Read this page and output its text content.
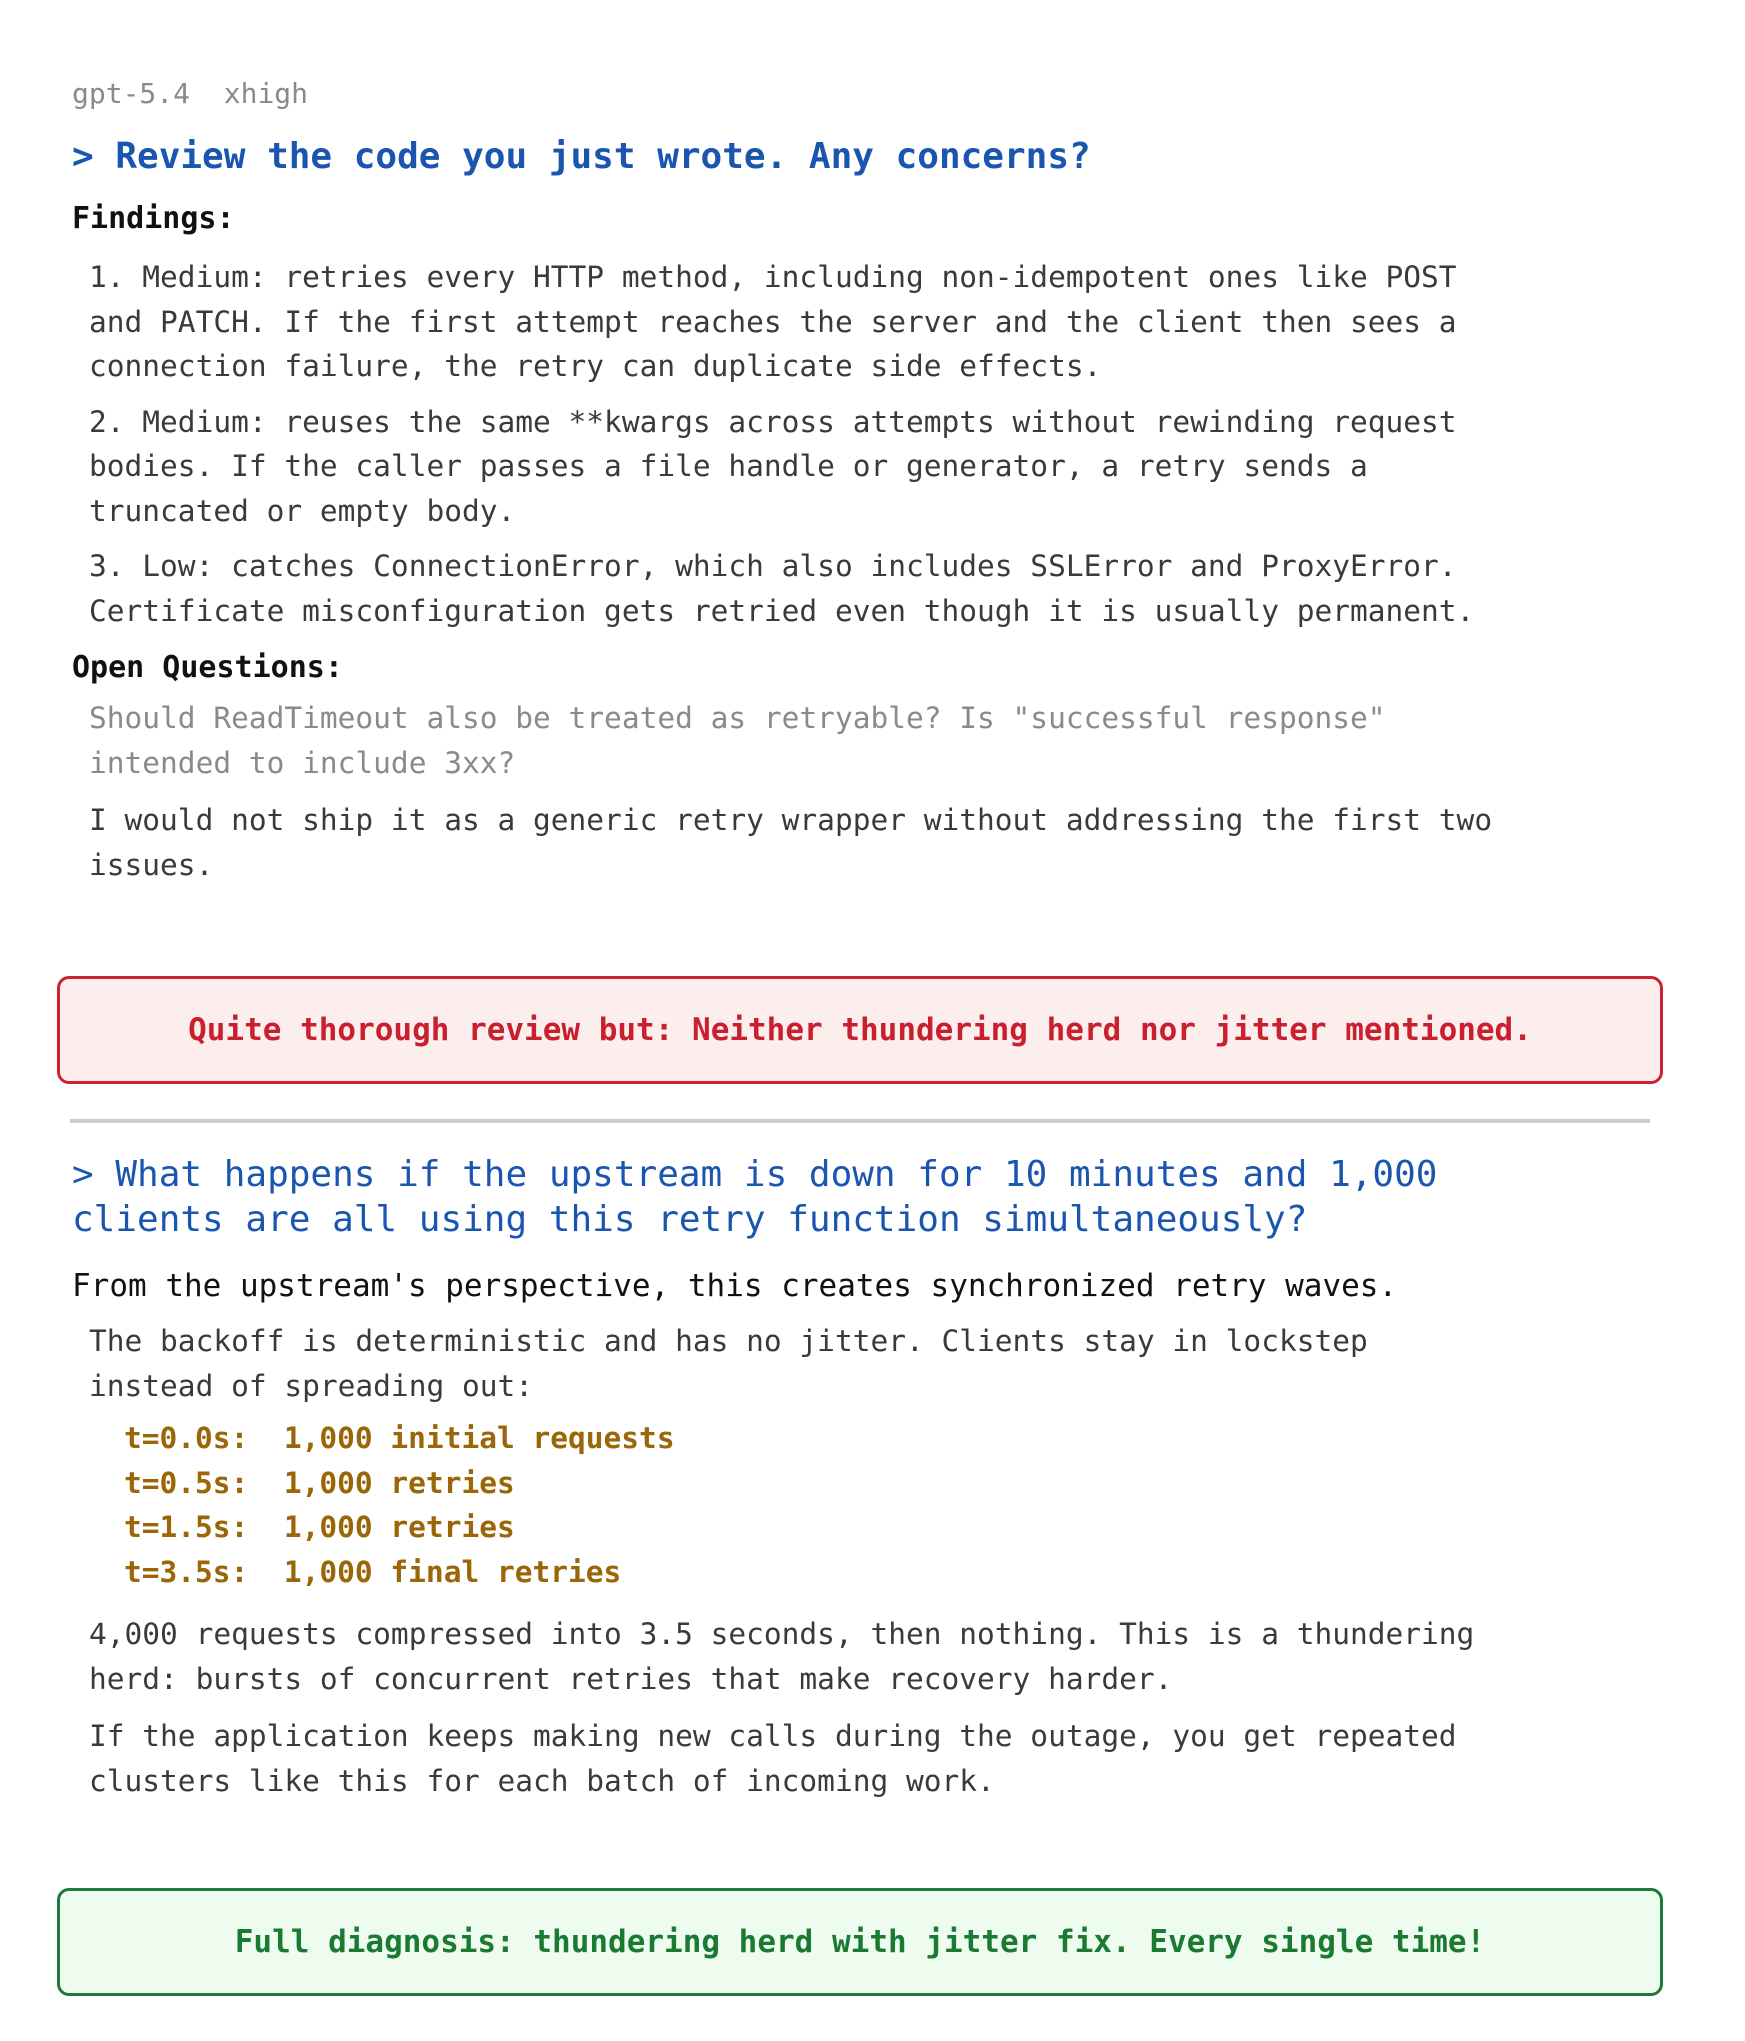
gpt-5.4 xhigh

> Review the code you just wrote. Any concerns?

Findings:

1. Medium: retries every HTTP method, including non-idempotent ones like POST and PATCH. If the first attempt reaches the server and the client then sees a connection failure, the retry can duplicate side effects.

2. Medium: reuses the same **kwargs across attempts without rewinding request bodies. If the caller passes a file handle or generator, a retry sends a truncated or empty body.

3. Low: catches ConnectionError, which also includes SSLError and ProxyError. Certificate misconfiguration gets retried even though it is usually permanent.

Open Questions:

Should ReadTimeout also be treated as retryable? Is "successful response" intended to include 3xx?

I would not ship it as a generic retry wrapper without addressing the first two issues.

Quite thorough review but: Neither thundering herd nor jitter mentioned.

> What happens if the upstream is down for 10 minutes and 1,000 clients are all using this retry function simultaneously?

From the upstream's perspective, this creates synchronized retry waves.

The backoff is deterministic and has no jitter. Clients stay in lockstep instead of spreading out:

t=0.0s:  1,000 initial requests
t=0.5s:  1,000 retries
t=1.5s:  1,000 retries
t=3.5s:  1,000 final retries

4,000 requests compressed into 3.5 seconds, then nothing. This is a thundering herd: bursts of concurrent retries that make recovery harder.

If the application keeps making new calls during the outage, you get repeated clusters like this for each batch of incoming work.

Full diagnosis: thundering herd with jitter fix. Every single time!
